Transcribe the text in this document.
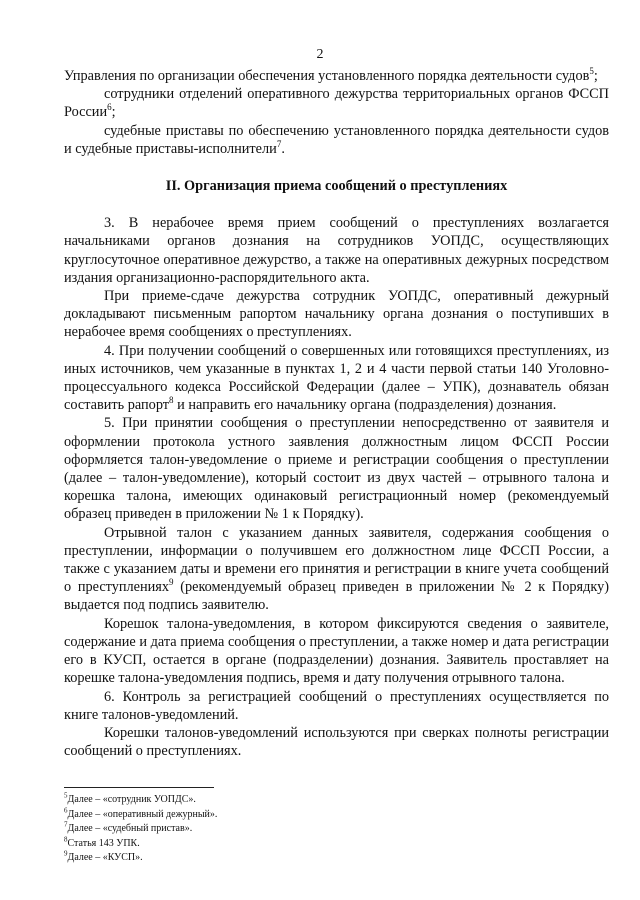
2

Управления по организации обеспечения установленного порядка деятельности судов$^5$;

сотрудники отделений оперативного дежурства территориальных органов ФССП России$^6$;

судебные приставы по обеспечению установленного порядка деятельности судов и судебные приставы-исполнители$^7$.

II. Организация приема сообщений о преступлениях

3. В нерабочее время прием сообщений о преступлениях возлагается начальниками органов дознания на сотрудников УОПДС, осуществляющих круглосуточное оперативное дежурство, а также на оперативных дежурных посредством издания организационно-распорядительного акта.

При приеме-сдаче дежурства сотрудник УОПДС, оперативный дежурный докладывают письменным рапортом начальнику органа дознания о поступивших в нерабочее время сообщениях о преступлениях.

4. При получении сообщений о совершенных или готовящихся преступлениях, из иных источников, чем указанные в пунктах 1, 2 и 4 части первой статьи 140 Уголовно-процессуального кодекса Российской Федерации (далее – УПК), дознаватель обязан составить рапорт$^8$ и направить его начальнику органа (подразделения) дознания.

5. При принятии сообщения о преступлении непосредственно от заявителя и оформлении протокола устного заявления должностным лицом ФССП России оформляется талон-уведомление о приеме и регистрации сообщения о преступлении (далее – талон-уведомление), который состоит из двух частей – отрывного талона и корешка талона, имеющих одинаковый регистрационный номер (рекомендуемый образец приведен в приложении № 1 к Порядку).

Отрывной талон с указанием данных заявителя, содержания сообщения о преступлении, информации о получившем его должностном лице ФССП России, а также с указанием даты и времени его принятия и регистрации в книге учета сообщений о преступлениях$^9$ (рекомендуемый образец приведен в приложении № 2 к Порядку) выдается под подпись заявителю.

Корешок талона-уведомления, в котором фиксируются сведения о заявителе, содержание и дата приема сообщения о преступлении, а также номер и дата регистрации его в КУСП, остается в органе (подразделении) дознания. Заявитель проставляет на корешке талона-уведомления подпись, время и дату получения отрывного талона.

6. Контроль за регистрацией сообщений о преступлениях осуществляется по книге талонов-уведомлений.

Корешки талонов-уведомлений используются при сверках полноты регистрации сообщений о преступлениях.

$^5$Далее – «сотрудник УОПДС».
$^6$Далее – «оперативный дежурный».
$^7$Далее – «судебный пристав».
$^8$Статья 143 УПК.
$^9$Далее – «КУСП».
